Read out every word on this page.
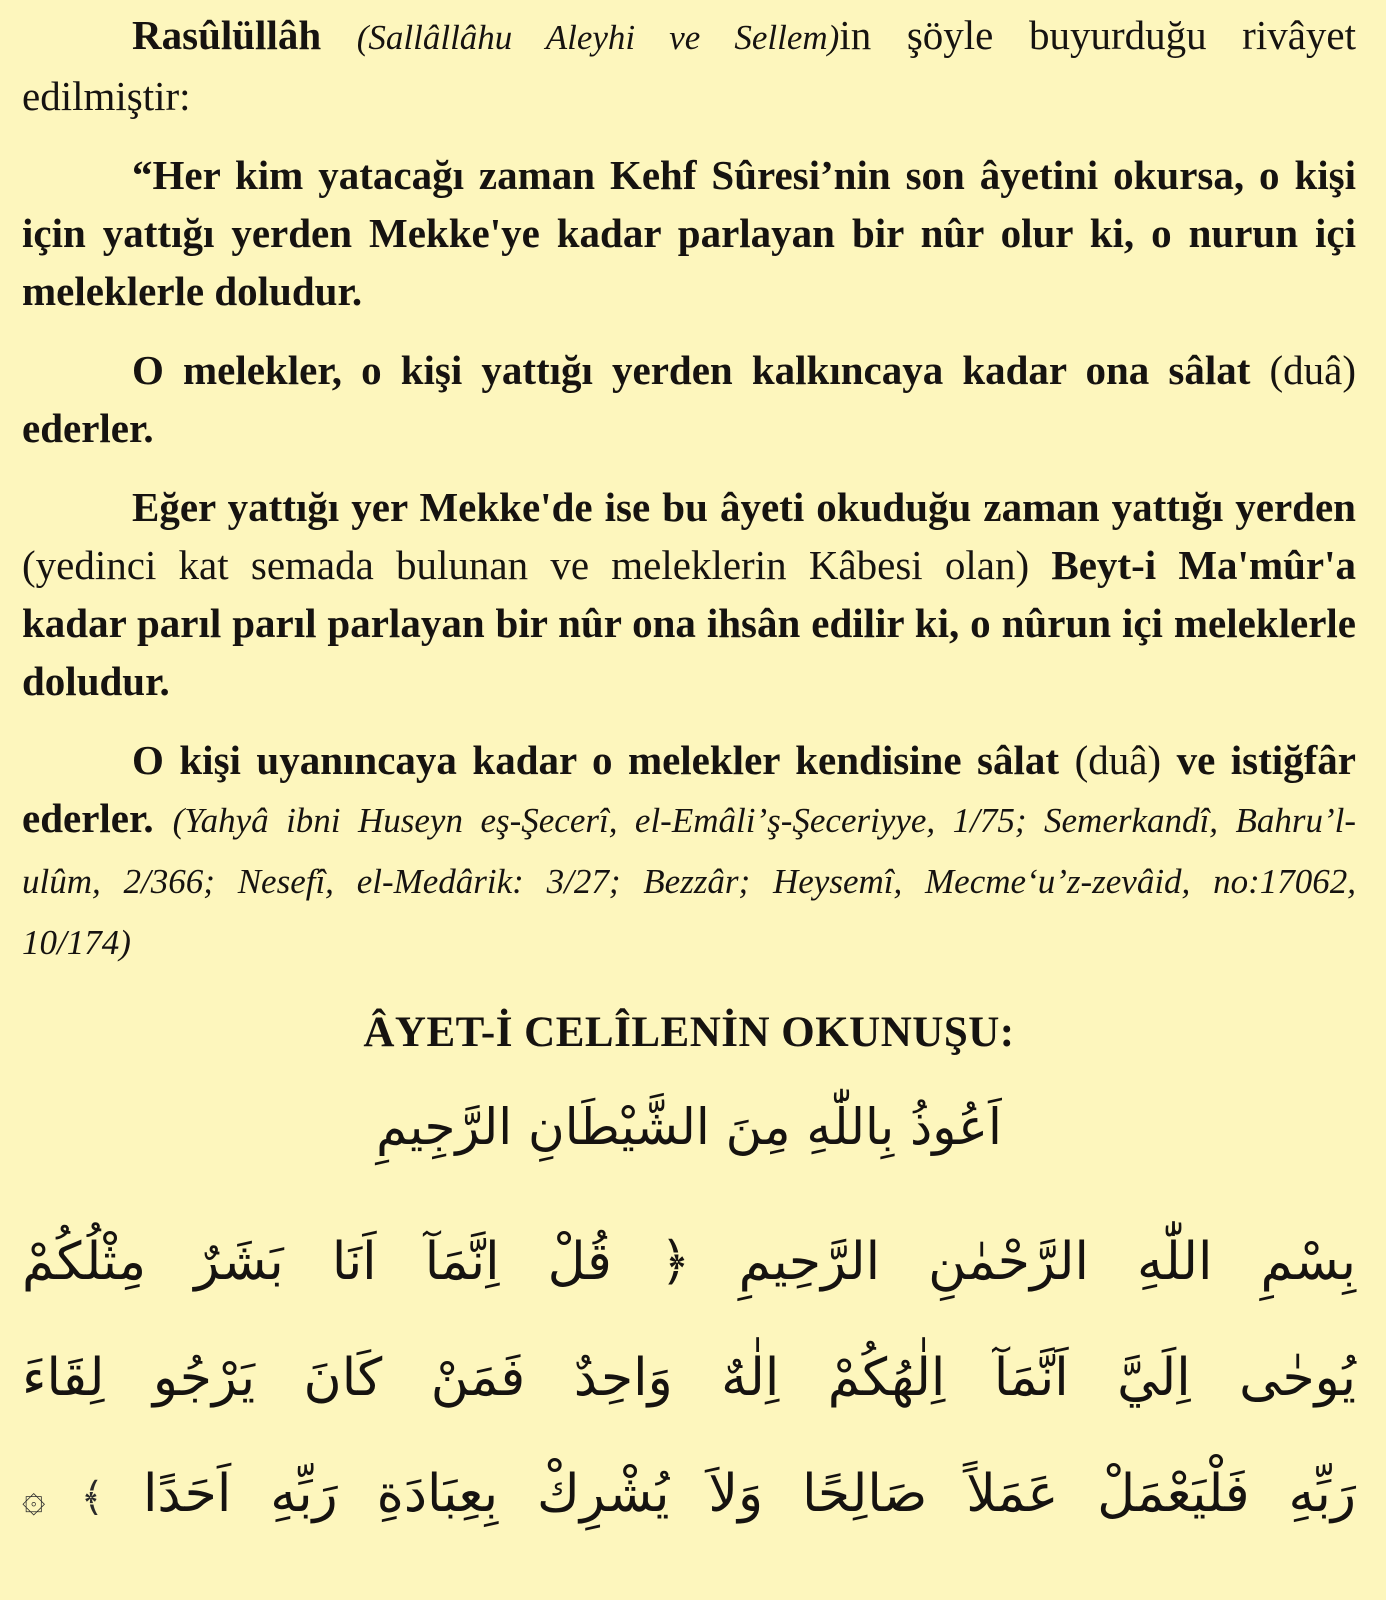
Rasûlüllâh (Sallâllâhu Aleyhi ve Sellem)in şöyle buyurduğu rivâyet edilmiştir:

“Her kim yatacağı zaman Kehf Sûresi’nin son âyetini okursa, o kişi için yattığı yerden Mekke'ye kadar parlayan bir nûr olur ki, o nurun içi meleklerle doludur.

O melekler, o kişi yattığı yerden kalkıncaya kadar ona sâlat (duâ) ederler.

Eğer yattığı yer Mekke'de ise bu âyeti okuduğu zaman yattığı yerden (yedinci kat semada bulunan ve meleklerin Kâbesi olan) Beyt-i Ma'mûr'a kadar parıl parıl parlayan bir nûr ona ihsân edilir ki, o nûrun içi meleklerle doludur.

O kişi uyanıncaya kadar o melekler kendisine sâlat (duâ) ve istiğfâr ederler. (Yahyâ ibni Huseyn eş-Şecerî, el-Emâli’ş-Şeceriyye, 1/75; Semerkandî, Bahru’l-ulûm, 2/366; Nesefî, el-Medârik: 3/27; Bezzâr; Heysemî, Mecme‘u’z-zevâid, no:17062, 10/174)

ÂYET-İ CELÎLENİN OKUNUŞU:

اَعُوذُ بِاللّٰهِ مِنَ الشَّيْطَانِ الرَّجِيمِ

بِسْمِ اللّٰهِ الرَّحْمٰنِ الرَّحِيمِ ﴿ قُلْ اِنَّمَآ اَنَا بَشَرٌ مِثْلُكُمْ

يُوحٰى اِلَيَّ اَنَّمَآ اِلٰهُكُمْ اِلٰهٌ وَاحِدٌ فَمَنْ كَانَ يَرْجُو لِقَاءَ

رَبِّهِ فَلْيَعْمَلْ عَمَلاً صَالِحًا وَلاَ يُشْرِكْ بِعِبَادَةِ رَبِّهِ اَحَدًا ﴾ ۞
